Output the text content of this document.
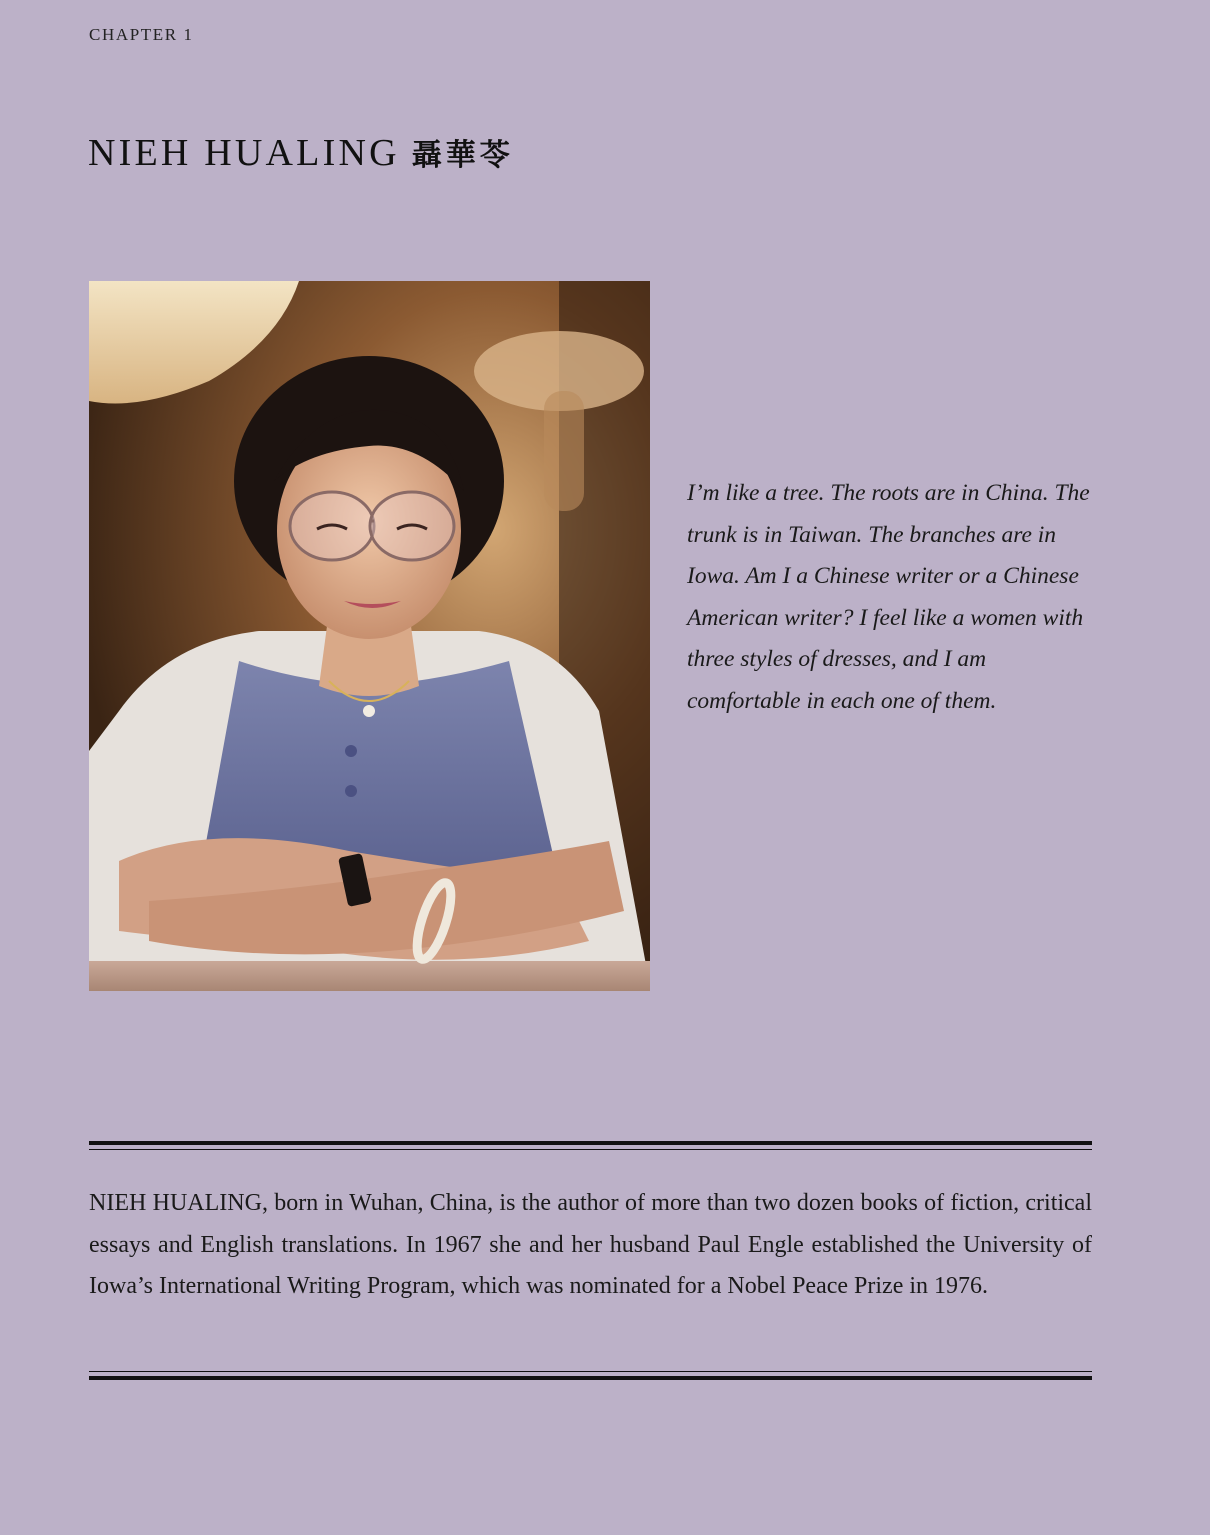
CHAPTER 1
NIEH HUALING 聶華苓

I’m like a tree. The roots are in China. The trunk is in Taiwan. The branches are in Iowa. Am I a Chinese writer or a Chinese American writer? I feel like a women with three styles of dresses, and I am comfortable in each one of them.

NIEH HUALING, born in Wuhan, China, is the author of more than two dozen books of fiction, critical essays and English translations. In 1967 she and her husband Paul Engle established the University of Iowa’s International Writing Program, which was nominated for a Nobel Peace Prize in 1976.
